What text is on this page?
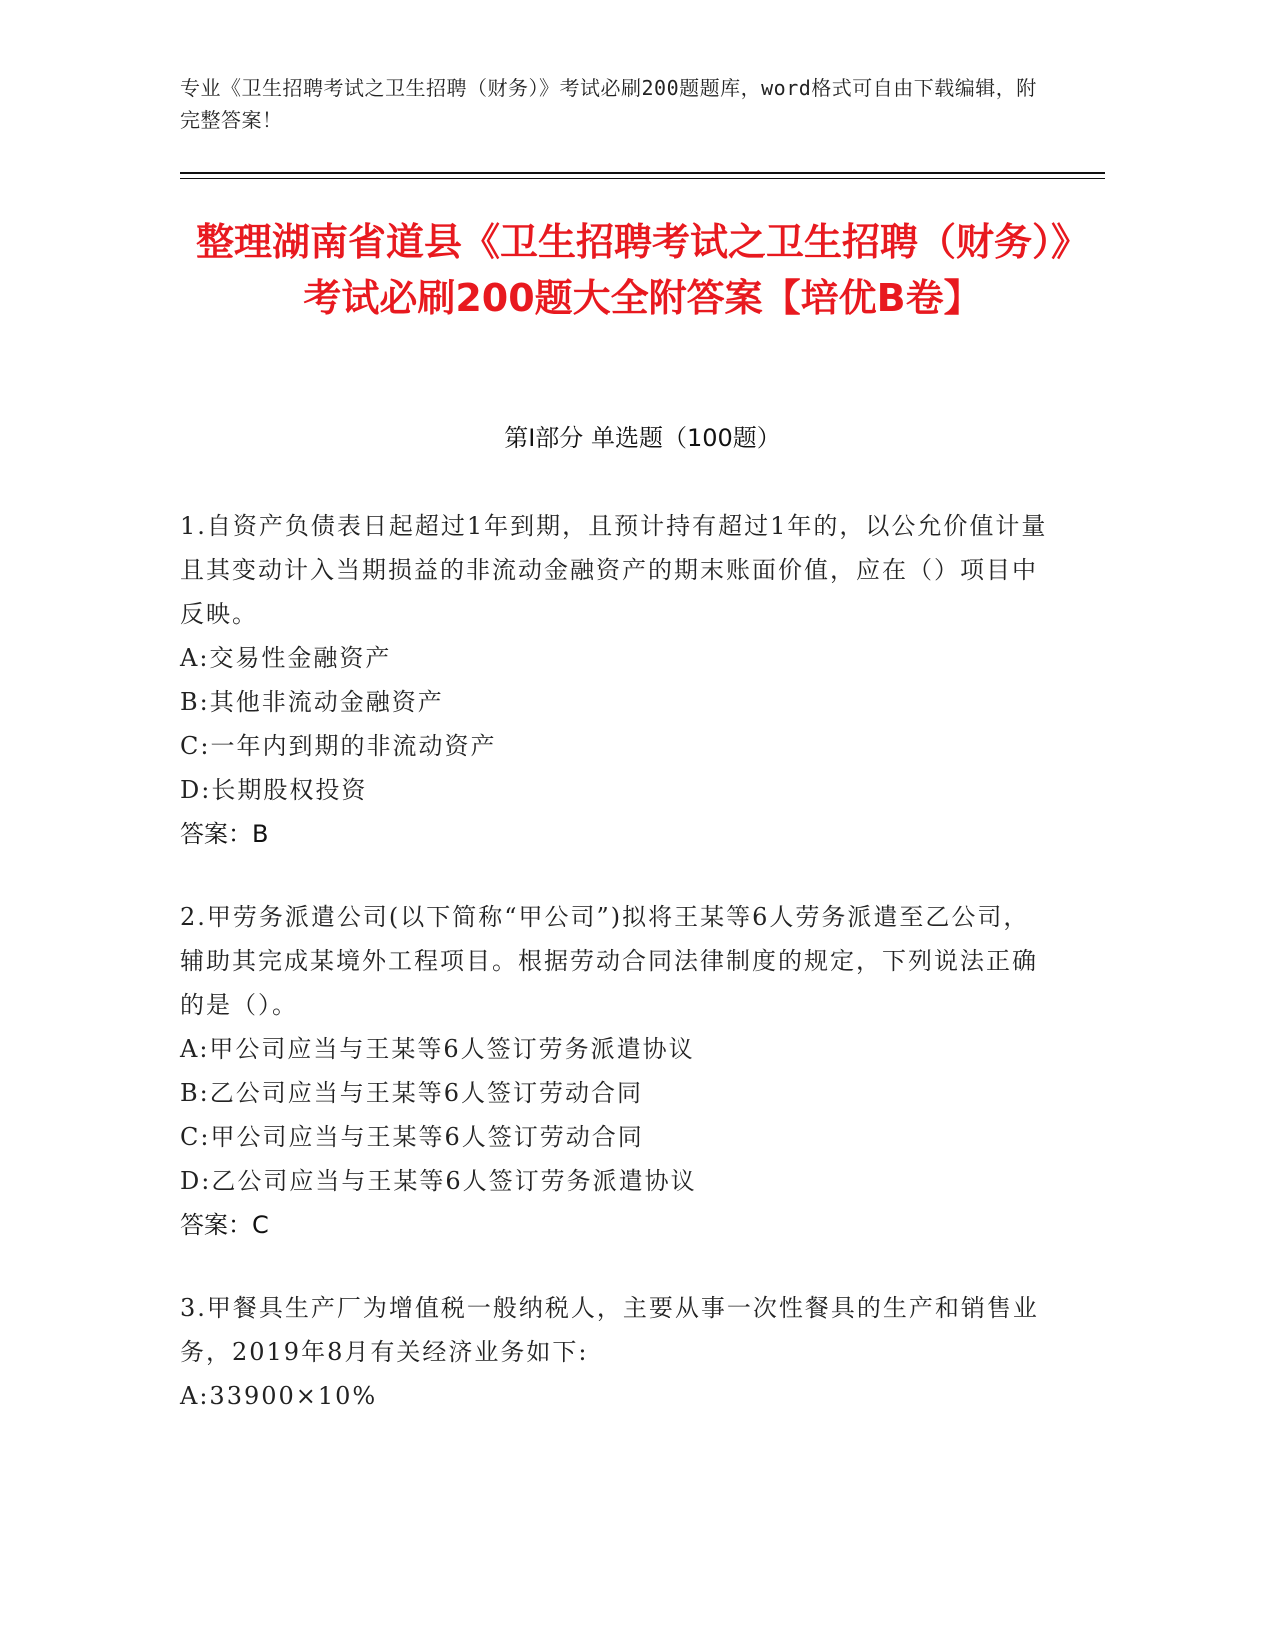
专业《卫生招聘考试之卫生招聘（财务）》考试必刷200题题库，word格式可自由下载编辑，附完整答案！
整理湖南省道县《卫生招聘考试之卫生招聘（财务）》考试必刷200题大全附答案【培优B卷】
第I部分 单选题（100题）
1.自资产负债表日起超过1年到期，且预计持有超过1年的，以公允价值计量且其变动计入当期损益的非流动金融资产的期末账面价值，应在（）项目中反映。
A:交易性金融资产
B:其他非流动金融资产
C:一年内到期的非流动资产
D:长期股权投资
答案：B
2.甲劳务派遣公司(以下简称“甲公司”)拟将王某等6人劳务派遣至乙公司，辅助其完成某境外工程项目。根据劳动合同法律制度的规定，下列说法正确的是（）。
A:甲公司应当与王某等6人签订劳务派遣协议
B:乙公司应当与王某等6人签订劳动合同
C:甲公司应当与王某等6人签订劳动合同
D:乙公司应当与王某等6人签订劳务派遣协议
答案：C
3.甲餐具生产厂为增值税一般纳税人，主要从事一次性餐具的生产和销售业务，2019年8月有关经济业务如下:
A:33900×10%
